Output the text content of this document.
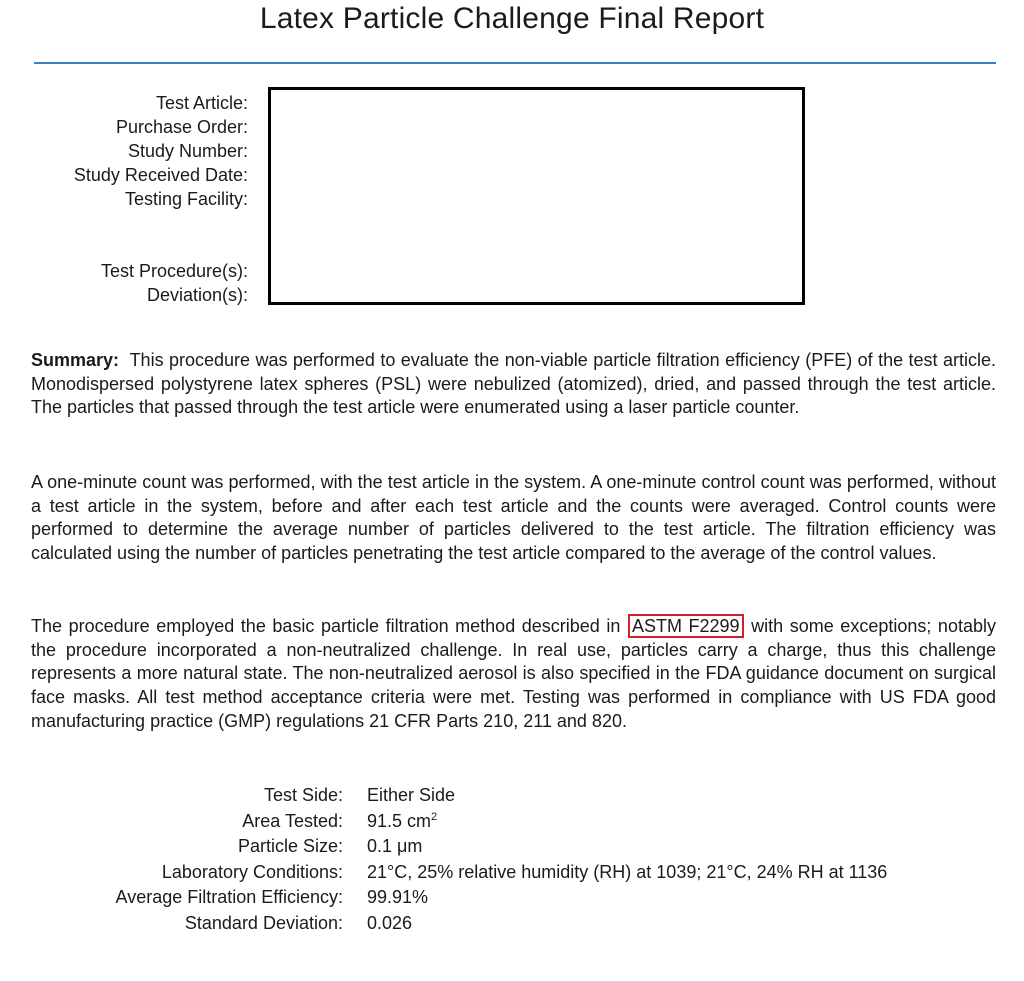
Latex Particle Challenge Final Report
Test Article:
Purchase Order:
Study Number:
Study Received Date:
Testing Facility:
Test Procedure(s):
Deviation(s):

Summary: This procedure was performed to evaluate the non-viable particle filtration efficiency (PFE) of the test article. Monodispersed polystyrene latex spheres (PSL) were nebulized (atomized), dried, and passed through the test article. The particles that passed through the test article were enumerated using a laser particle counter.

A one-minute count was performed, with the test article in the system. A one-minute control count was performed, without a test article in the system, before and after each test article and the counts were averaged. Control counts were performed to determine the average number of particles delivered to the test article. The filtration efficiency was calculated using the number of particles penetrating the test article compared to the average of the control values.

The procedure employed the basic particle filtration method described in ASTM F2299 with some exceptions; notably the procedure incorporated a non-neutralized challenge. In real use, particles carry a charge, thus this challenge represents a more natural state. The non-neutralized aerosol is also specified in the FDA guidance document on surgical face masks. All test method acceptance criteria were met. Testing was performed in compliance with US FDA good manufacturing practice (GMP) regulations 21 CFR Parts 210, 211 and 820.

Test Side:	Either Side
Area Tested:	91.5 $cm^2$
Particle Size:	0.1 μm
Laboratory Conditions:	21°C, 25% relative humidity (RH) at 1039; 21°C, 24% RH at 1136
Average Filtration Efficiency:	99.91%
Standard Deviation:	0.026
